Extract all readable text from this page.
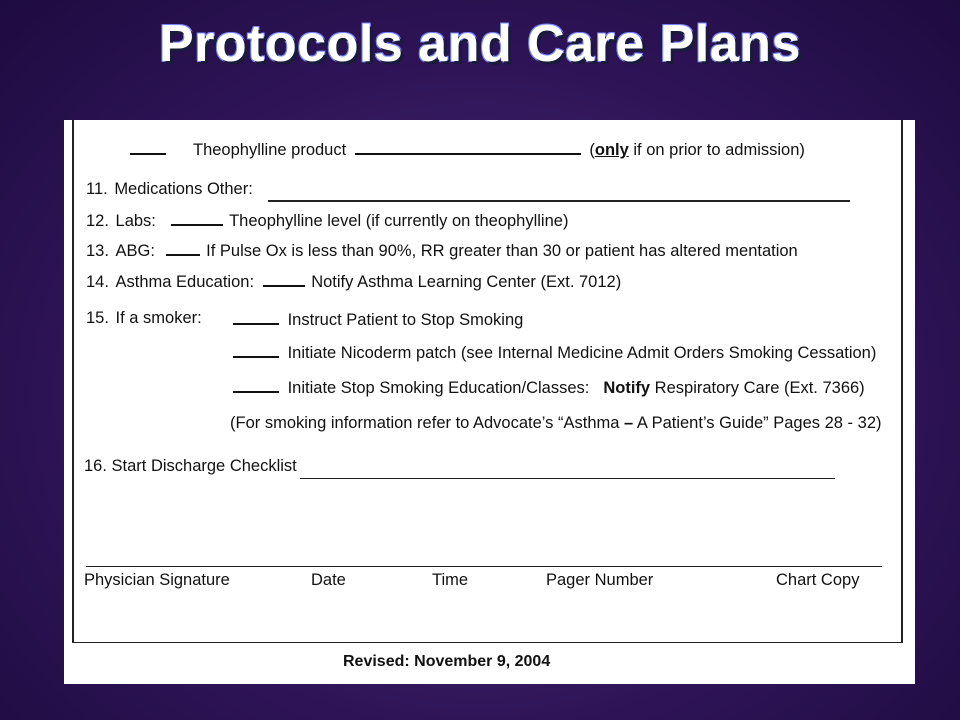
Protocols and Care Plans
Theophylline product	(only if on prior to admission)
11. Medications Other:
12. Labs:	Theophylline level (if currently on theophylline)
13. ABG:	If Pulse Ox is less than 90%, RR greater than 30 or patient has altered mentation
14. Asthma Education:	Notify Asthma Learning Center (Ext. 7012)
15. If a smoker:	Instruct Patient to Stop Smoking
Initiate Nicoderm patch (see Internal Medicine Admit Orders Smoking Cessation)
Initiate Stop Smoking Education/Classes: Notify Respiratory Care (Ext. 7366)
(For smoking information refer to Advocate’s “Asthma – A Patient’s Guide” Pages 28 - 32)
16. Start Discharge Checklist
Physician Signature	Date	Time	Pager Number	Chart Copy
Revised: November 9, 2004
